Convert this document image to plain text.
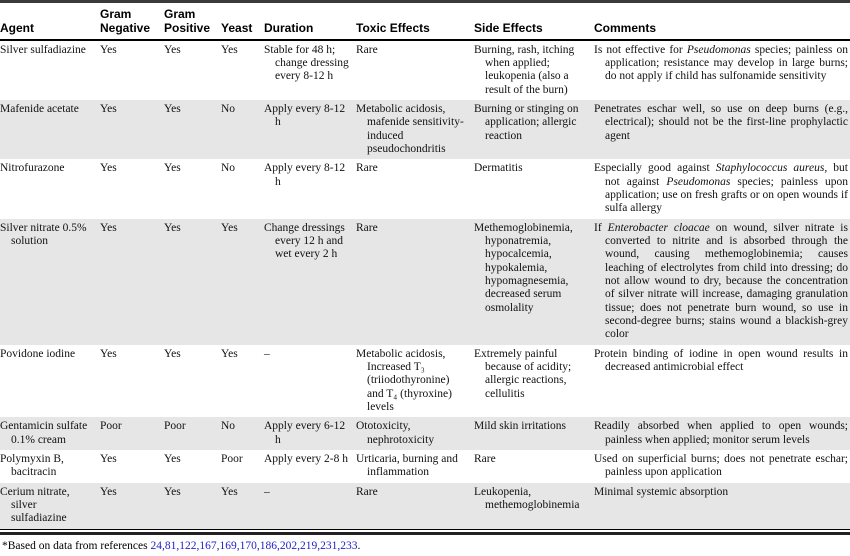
Agent	Gram Negative	Gram Positive	Yeast	Duration	Toxic Effects	Side Effects	Comments

Silver sulfadiazine	Yes	Yes	Yes	Stable for 48 h; change dressing every 8-12 h	Rare	Burning, rash, itching when applied; leukopenia (also a result of the burn)	Is not effective for Pseudomonas species; painless on application; resistance may develop in large burns; do not apply if child has sulfonamide sensitivity

Mafenide acetate	Yes	Yes	No	Apply every 8-12 h	Metabolic acidosis, mafenide sensitivity-induced pseudochondritis	Burning or stinging on application; allergic reaction	Penetrates eschar well, so use on deep burns (e.g., electrical); should not be the first-line prophylactic agent

Nitrofurazone	Yes	Yes	No	Apply every 8-12 h	Rare	Dermatitis	Especially good against Staphylococcus aureus, but not against Pseudomonas species; painless upon application; use on fresh grafts or on open wounds if sulfa allergy

Silver nitrate 0.5% solution	Yes	Yes	Yes	Change dressings every 12 h and wet every 2 h	Rare	Methemoglobinemia, hyponatremia, hypocalcemia, hypokalemia, hypomagnesemia, decreased serum osmolality	If Enterobacter cloacae on wound, silver nitrate is converted to nitrite and is absorbed through the wound, causing methemoglobinemia; causes leaching of electrolytes from child into dressing; do not allow wound to dry, because the concentration of silver nitrate will increase, damaging granulation tissue; does not penetrate burn wound, so use in second-degree burns; stains wound a blackish-grey color

Povidone iodine	Yes	Yes	Yes	–	Metabolic acidosis, Increased T₃ (triiodothyronine) and T₄ (thyroxine) levels	Extremely painful because of acidity; allergic reactions, cellulitis	Protein binding of iodine in open wound results in decreased antimicrobial effect

Gentamicin sulfate 0.1% cream	Poor	Poor	No	Apply every 6-12 h	Ototoxicity, nephrotoxicity	Mild skin irritations	Readily absorbed when applied to open wounds; painless when applied; monitor serum levels

Polymyxin B, bacitracin	Yes	Yes	Poor	Apply every 2-8 h	Urticaria, burning and inflammation	Rare	Used on superficial burns; does not penetrate eschar; painless upon application

Cerium nitrate, silver sulfadiazine	Yes	Yes	Yes	–	Rare	Leukopenia, methemoglobinemia	Minimal systemic absorption
*Based on data from references 24,81,122,167,169,170,186,202,219,231,233.
